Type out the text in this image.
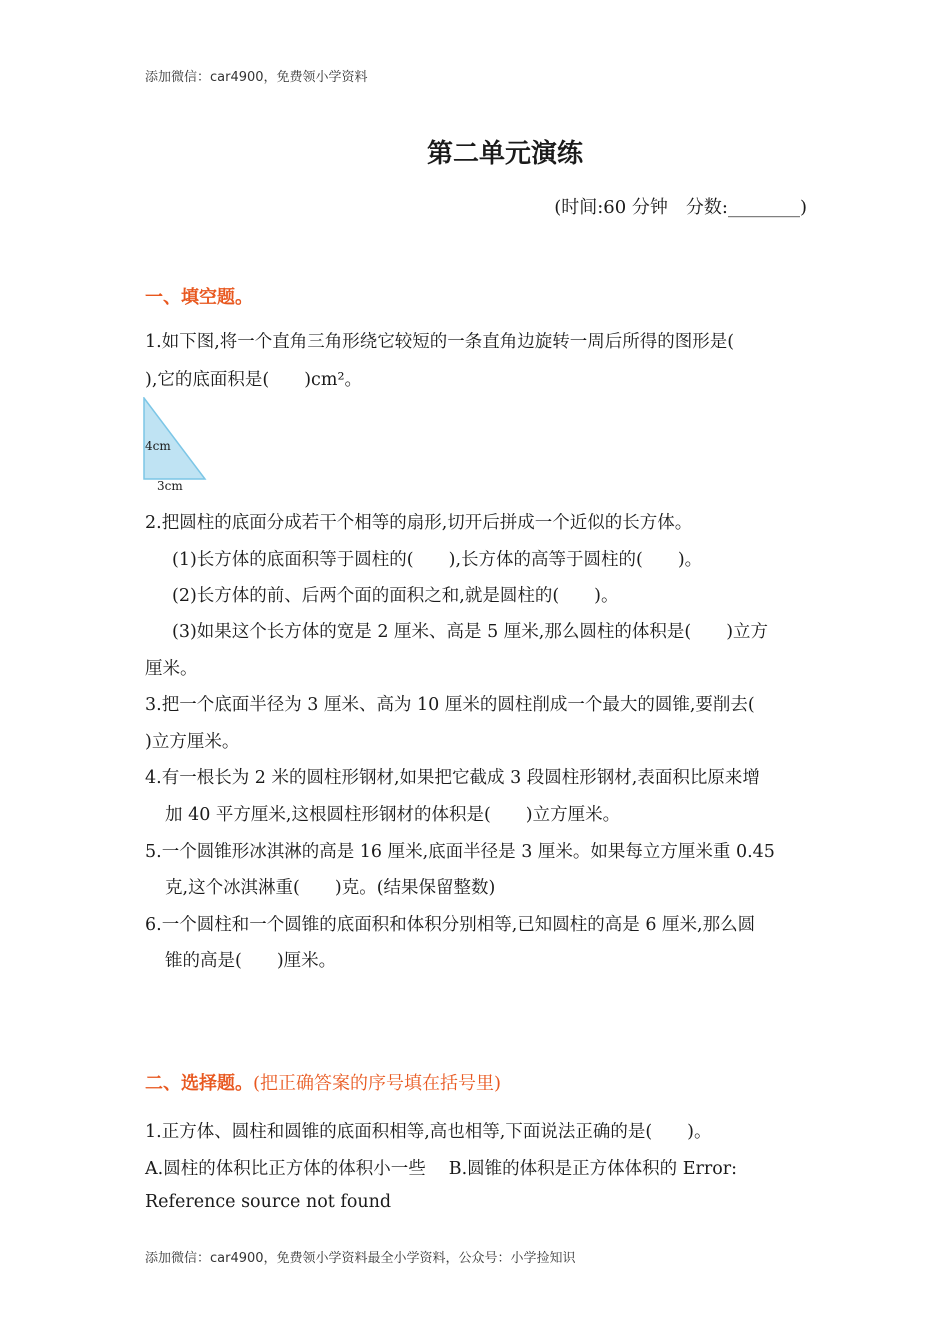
添加微信：car4900，免费领小学资料
第二单元演练
(时间:60 分钟　分数:________)
一、填空题。
1.如下图,将一个直角三角形绕它较短的一条直角边旋转一周后所得的图形是(
),它的底面积是(　　)cm²。
4cm
3cm
2.把圆柱的底面分成若干个相等的扇形,切开后拼成一个近似的长方体。
(1)长方体的底面积等于圆柱的(　　),长方体的高等于圆柱的(　　)。
(2)长方体的前、后两个面的面积之和,就是圆柱的(　　)。
(3)如果这个长方体的宽是 2 厘米、高是 5 厘米,那么圆柱的体积是(　　)立方
厘米。
3.把一个底面半径为 3 厘米、高为 10 厘米的圆柱削成一个最大的圆锥,要削去(
)立方厘米。
4.有一根长为 2 米的圆柱形钢材,如果把它截成 3 段圆柱形钢材,表面积比原来增
加 40 平方厘米,这根圆柱形钢材的体积是(　　)立方厘米。
5.一个圆锥形冰淇淋的高是 16 厘米,底面半径是 3 厘米。如果每立方厘米重 0.45
克,这个冰淇淋重(　　)克。(结果保留整数)
6.一个圆柱和一个圆锥的底面积和体积分别相等,已知圆柱的高是 6 厘米,那么圆
锥的高是(　　)厘米。
二、选择题。(把正确答案的序号填在括号里)
1.正方体、圆柱和圆锥的底面积相等,高也相等,下面说法正确的是(　　)。
A.圆柱的体积比正方体的体积小一些　 B.圆锥的体积是正方体体积的 Error:
Reference source not found
添加微信：car4900，免费领小学资料最全小学资料，公众号：小学捡知识
